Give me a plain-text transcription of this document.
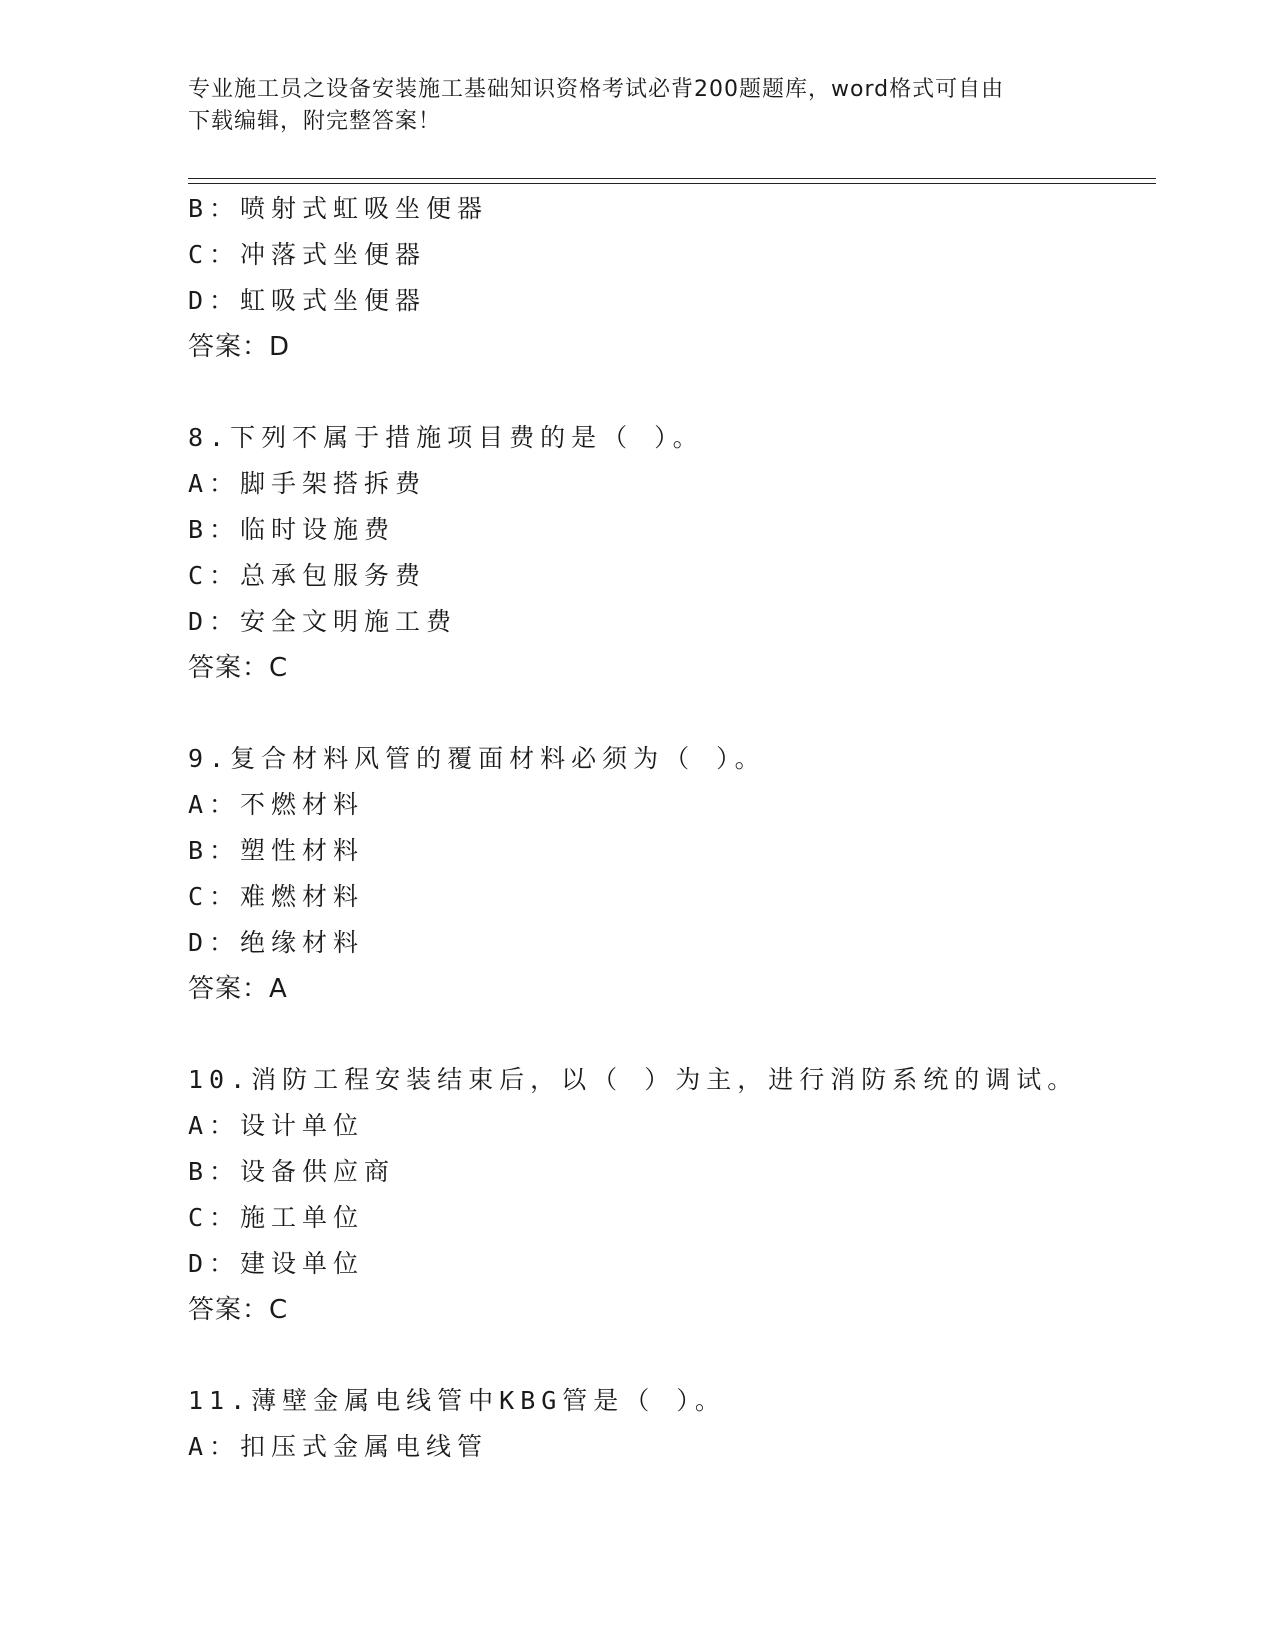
专业施工员之设备安装施工基础知识资格考试必背200题题库，word格式可自由
下载编辑，附完整答案！
B：喷射式虹吸坐便器
C：冲落式坐便器
D：虹吸式坐便器
答案：D
8.下列不属于措施项目费的是（ ）。
A：脚手架搭拆费
B：临时设施费
C：总承包服务费
D：安全文明施工费
答案：C
9.复合材料风管的覆面材料必须为（ ）。
A：不燃材料
B：塑性材料
C：难燃材料
D：绝缘材料
答案：A
10.消防工程安装结束后，以（ ）为主，进行消防系统的调试。
A：设计单位
B：设备供应商
C：施工单位
D：建设单位
答案：C
11.薄壁金属电线管中KBG管是（ ）。
A：扣压式金属电线管
